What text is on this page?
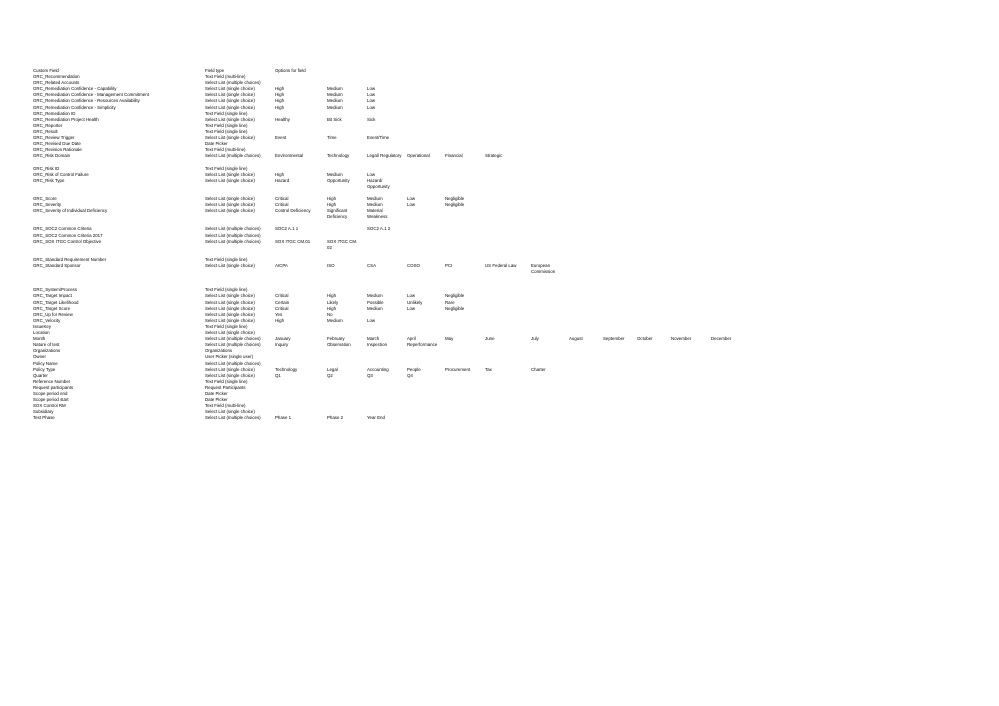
Custom Field	Field type	Options for field													
GRC_Recommendation	Text Field (multi-line)														
GRC_Related Accounts	Select List (multiple choices)														
GRC_Remediation Confidence - Capability	Select List (single choice)	High	Medium	Low											
GRC_Remediation Confidence - Management Commitment	Select List (single choice)	High	Medium	Low											
GRC_Remediation Confidence - Resources Availability	Select List (single choice)	High	Medium	Low											
GRC_Remediation Confidence - Simplicity	Select List (single choice)	High	Medium	Low											
GRC_Remediation ID	Text Field (single line)														
GRC_Remediation Project Health	Select List (single choice)	Healthy	Bit Sick	Sick											
GRC_Reporter	Text Field (single line)														
GRC_Result	Text Field (single line)														
GRC_Review Trigger	Select List (single choice)	Event	Time	Event/Time											
GRC_Revised Due Date	Date Picker														
GRC_Revision Rationale	Text Field (multi-line)														
GRC_Risk Domain	Select List (multiple choices)	Environmental	Technology	Legal/ Regulatory	Operational	Financial	Strategic								

GRC_Risk ID	Text Field (single line)														
GRC_Risk of Control Failure	Select List (single choice)	High	Medium	Low											
GRC_Risk Type	Select List (single choice)	Hazard	Opportunity	Hazard/ Opportunity											

GRC_Score	Select List (single choice)	Critical	High	Medium	Low	Negligible									
GRC_Severity	Select List (single choice)	Critical	High	Medium	Low	Negligible									
GRC_Severity of Individual Deficiency	Select List (single choice)	Control Deficiency	Significant Deficiency	Material Weakness											

GRC_SOC2 Common Criteria	Select List (multiple choices)	SOC2 A.1 1		SOC2 A.1 2											
GRC_SOC2 Common Criteria 2017	Select List (multiple choices)														
GRC_SOX ITGC Control Objective	Select List (multiple choices)	SOX ITGC CM.01	SOX ITGC CM. 02												

GRC_Standard Requirement Number	Text Field (single line)														
GRC_Standard Sponsor	Select List (single choice)	AICPA	ISO	CSA	COSO	PCI	US Federal Law	European Commission							

GRC_System/Process	Text Field (single line)														
GRC_Target Impact	Select List (single choice)	Critical	High	Medium	Low	Negligible									
GRC_Target Likelihood	Select List (single choice)	Certain	Likely	Possible	Unlikely	Rare									
GRC_Target Score	Select List (single choice)	Critical	High	Medium	Low	Negligible									
GRC_Up for Review	Select List (single choice)	Yes	No												
GRC_Velocity	Select List (single choice)	High	Medium	Low											
IssueKey	Text Field (single line)														
Location	Select List (single choice)														
Month	Select List (multiple choices)	January	February	March	April	May	June	July	August	September	October	November	December		
Nature of test	Select List (multiple choices)	Inquiry	Observation	Inspection	Reperformance										
Organizations	Organizations														
Owner	User Picker (single user)														
Policy Name	Select List (multiple choices)														
Policy Type	Select List (single choice)	Technology	Legal	Accounting	People	Procurement	Tax	Charter							
Quarter	Select List (single choice)	Q1	Q2	Q3	Q4										
Reference Number	Text Field (single line)														
Request participants	Request Participants														
Scope period end	Date Picker														
Scope period start	Date Picker														
SOX Control RM	Text Field (multi-line)														
Subsidiary	Select List (single choice)														
Test Phase	Select List (multiple choices)	Phase 1	Phase 2	Year End											
